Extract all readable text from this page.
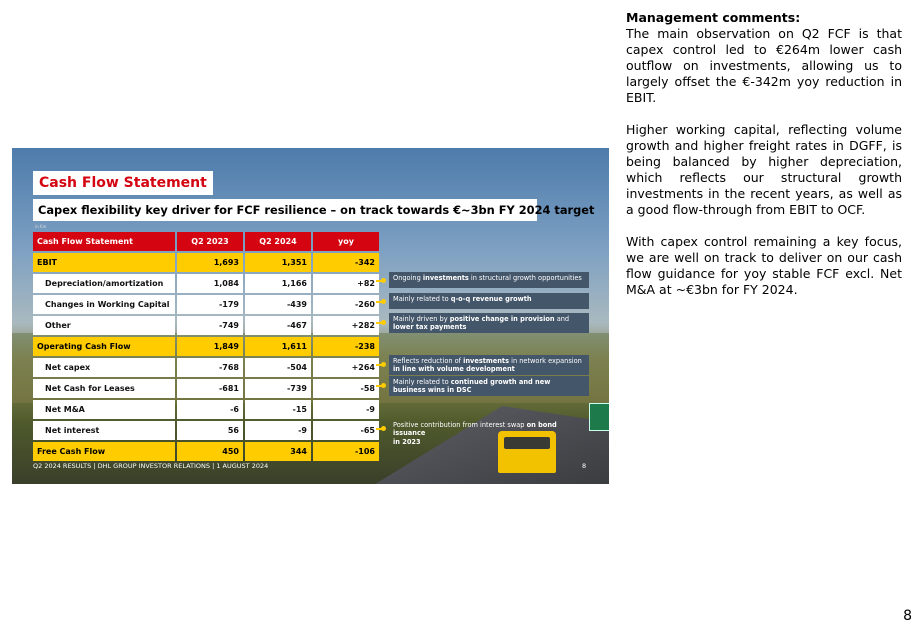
Management comments:

The main observation on Q2 FCF is that capex control led to €264m lower cash outflow on investments, allowing us to largely offset the €-342m yoy reduction in EBIT.

Higher working capital, reflecting volume growth and higher freight rates in DGFF, is being balanced by higher depreciation, which reflects our structural growth investments in the recent years, as well as a good flow-through from EBIT to OCF.

With capex control remaining a key focus, we are well on track to deliver on our cash flow guidance for yoy stable FCF excl. Net M&A at ~€3bn for FY 2024.

8
Cash Flow Statement
Capex flexibility key driver for FCF resilience – on track towards €~3bn FY 2024 target
in €m
Cash Flow Statement	Q2 2023	Q2 2024	yoy
EBIT	1,693	1,351	-342
Depreciation/amortization	1,084	1,166	+82
Changes in Working Capital	-179	-439	-260
Other	-749	-467	+282
Operating Cash Flow	1,849	1,611	-238
Net capex	-768	-504	+264
Net Cash for Leases	-681	-739	-58
Net M&A	-6	-15	-9
Net interest	56	-9	-65
Free Cash Flow	450	344	-106
Ongoing investments in structural growth opportunities
Mainly related to q-o-q revenue growth
Mainly driven by positive change in provision and lower tax payments
Reflects reduction of investments in network expansion in line with volume development
Mainly related to continued growth and new business wins in DSC
Positive contribution from interest swap on bond issuance
in 2023
Q2 2024 RESULTS | DHL GROUP INVESTOR RELATIONS | 1 AUGUST 2024	8
